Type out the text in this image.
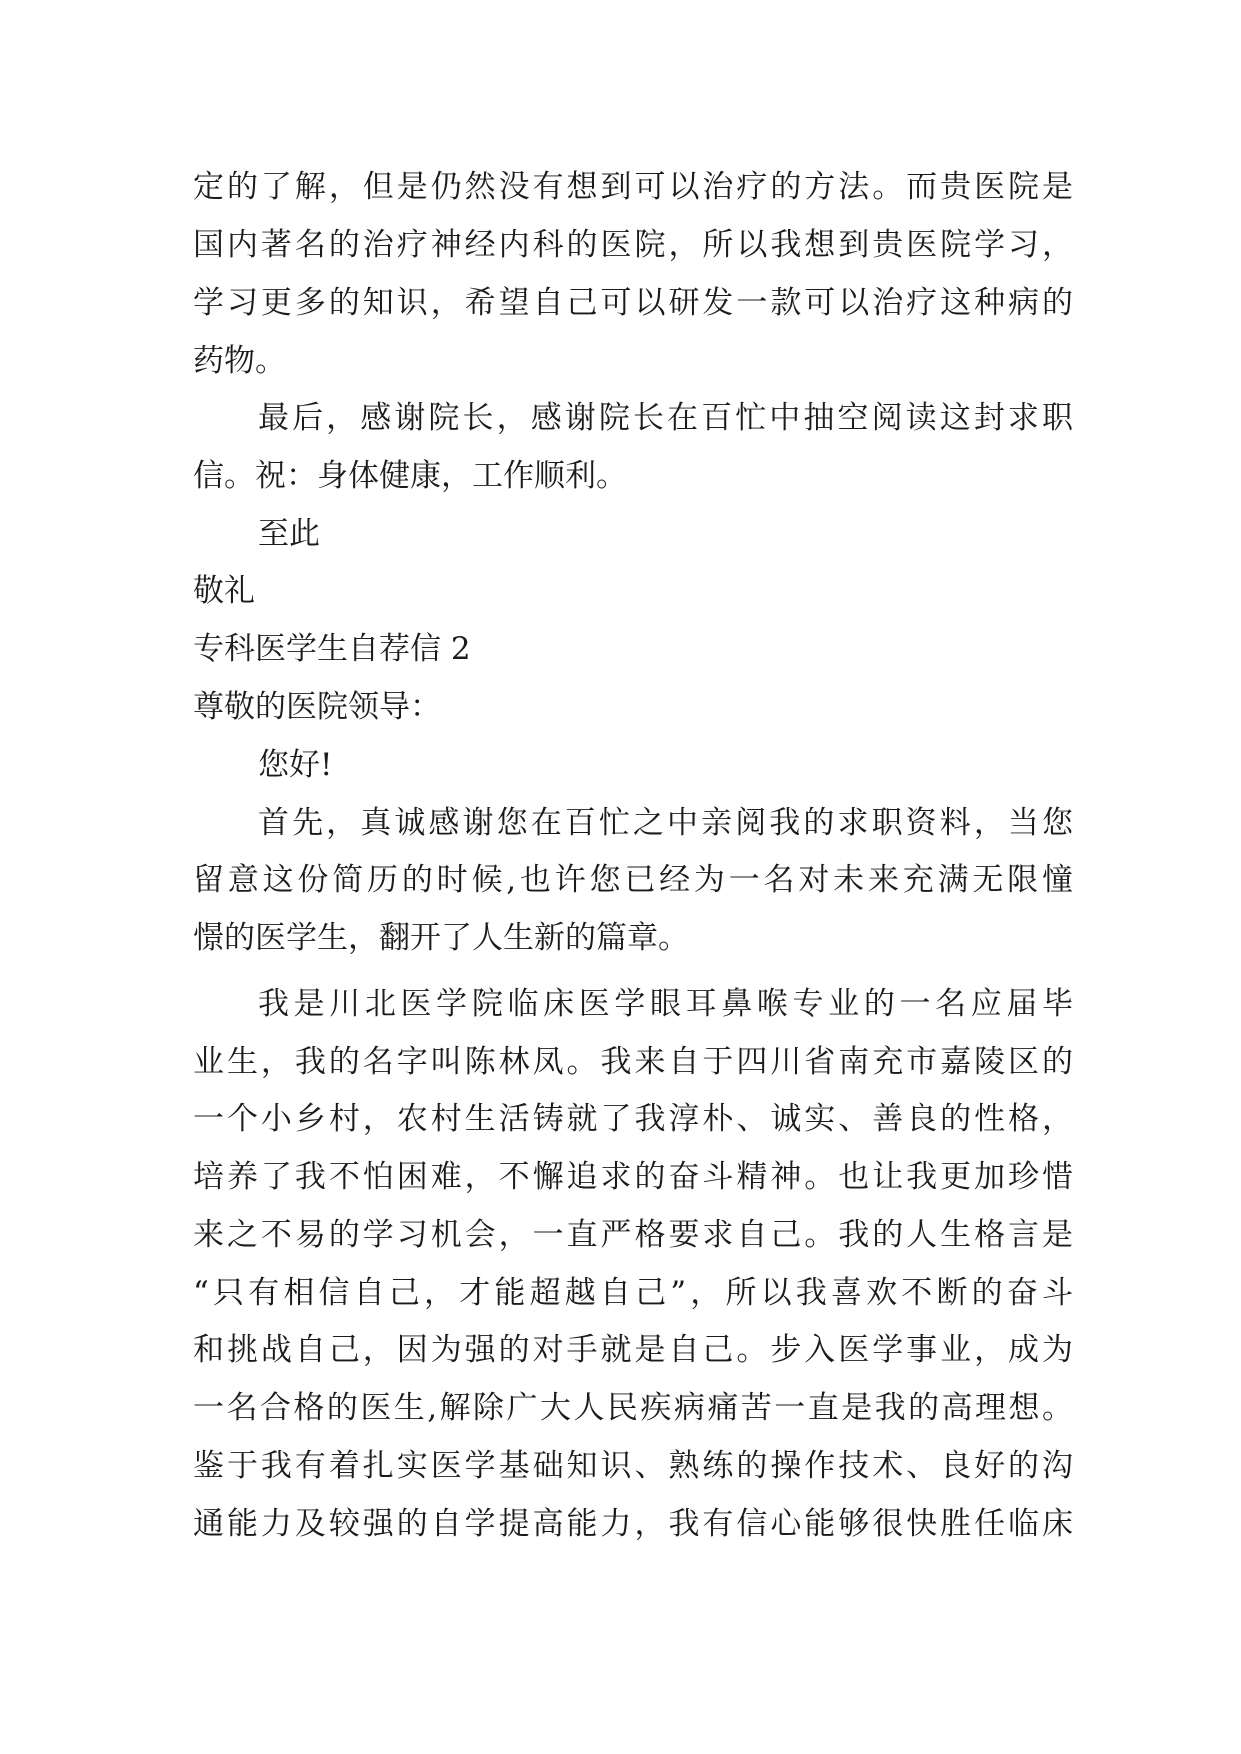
定的了解，但是仍然没有想到可以治疗的方法。而贵医院是
国内著名的治疗神经内科的医院，所以我想到贵医院学习，
学习更多的知识，希望自己可以研发一款可以治疗这种病的
药物。
最后，感谢院长，感谢院长在百忙中抽空阅读这封求职
信。祝：身体健康，工作顺利。
至此
敬礼
专科医学生自荐信 2
尊敬的医院领导：
您好!
首先，真诚感谢您在百忙之中亲阅我的求职资料，当您
留意这份简历的时候,也许您已经为一名对未来充满无限憧
憬的医学生，翻开了人生新的篇章。
我是川北医学院临床医学眼耳鼻喉专业的一名应届毕
业生，我的名字叫陈林凤。我来自于四川省南充市嘉陵区的
一个小乡村，农村生活铸就了我淳朴、诚实、善良的性格，
培养了我不怕困难，不懈追求的奋斗精神。也让我更加珍惜
来之不易的学习机会，一直严格要求自己。我的人生格言是
“只有相信自己，才能超越自己”，所以我喜欢不断的奋斗
和挑战自己，因为强的对手就是自己。步入医学事业，成为
一名合格的医生,解除广大人民疾病痛苦一直是我的高理想。
鉴于我有着扎实医学基础知识、熟练的操作技术、良好的沟
通能力及较强的自学提高能力，我有信心能够很快胜任临床
